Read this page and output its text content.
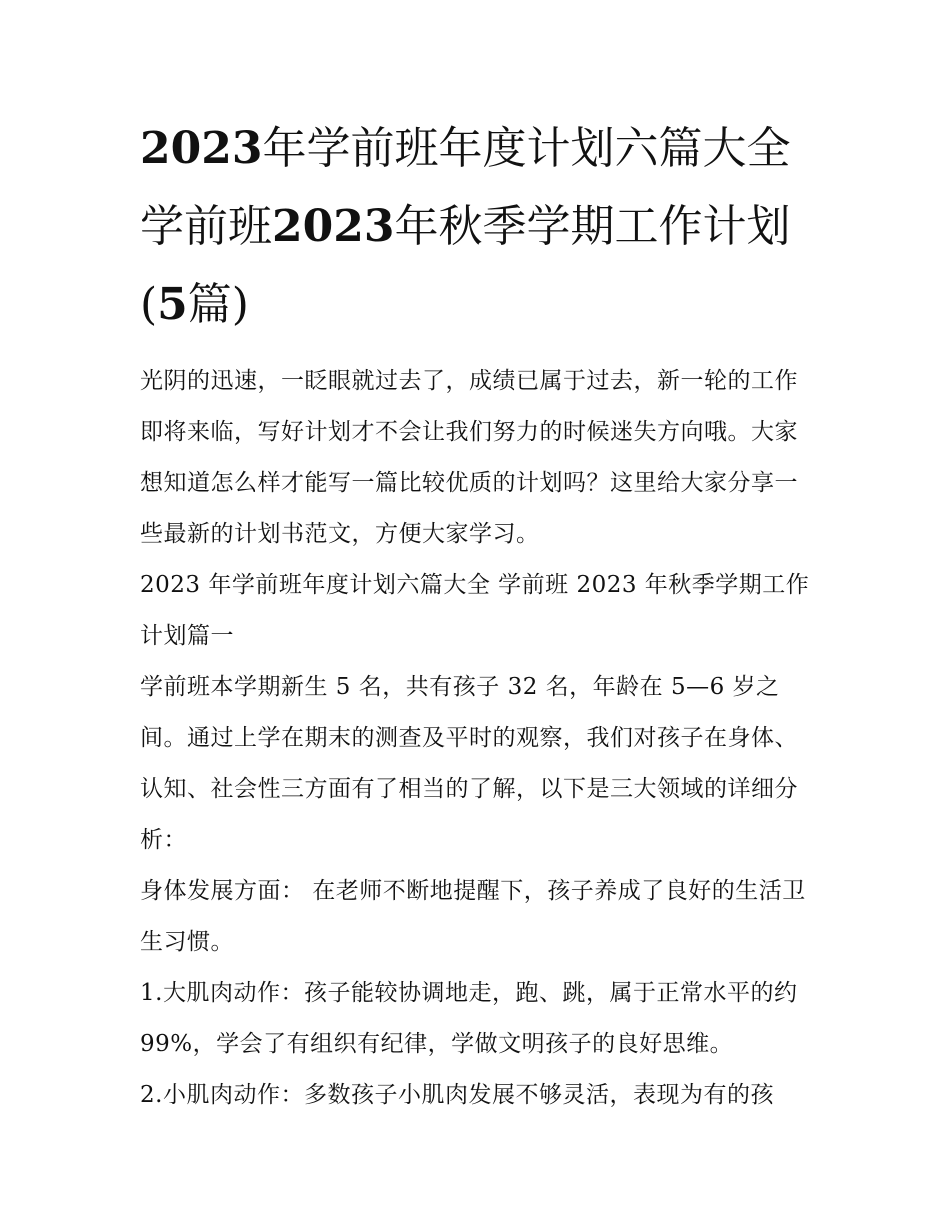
2023年学前班年度计划六篇大全 学前班2023年秋季学期工作计划(5篇)

光阴的迅速，一眨眼就过去了，成绩已属于过去，新一轮的工作即将来临，写好计划才不会让我们努力的时候迷失方向哦。大家想知道怎么样才能写一篇比较优质的计划吗？这里给大家分享一些最新的计划书范文，方便大家学习。

2023 年学前班年度计划六篇大全 学前班 2023 年秋季学期工作计划篇一

学前班本学期新生 5 名，共有孩子 32 名，年龄在 5—6 岁之间。通过上学在期末的测查及平时的观察，我们对孩子在身体、认知、社会性三方面有了相当的了解，以下是三大领域的详细分析：

身体发展方面： 在老师不断地提醒下，孩子养成了良好的生活卫生习惯。

1.大肌肉动作：孩子能较协调地走，跑、跳，属于正常水平的约 99%，学会了有组织有纪律，学做文明孩子的良好思维。

2.小肌肉动作：多数孩子小肌肉发展不够灵活，表现为有的孩
